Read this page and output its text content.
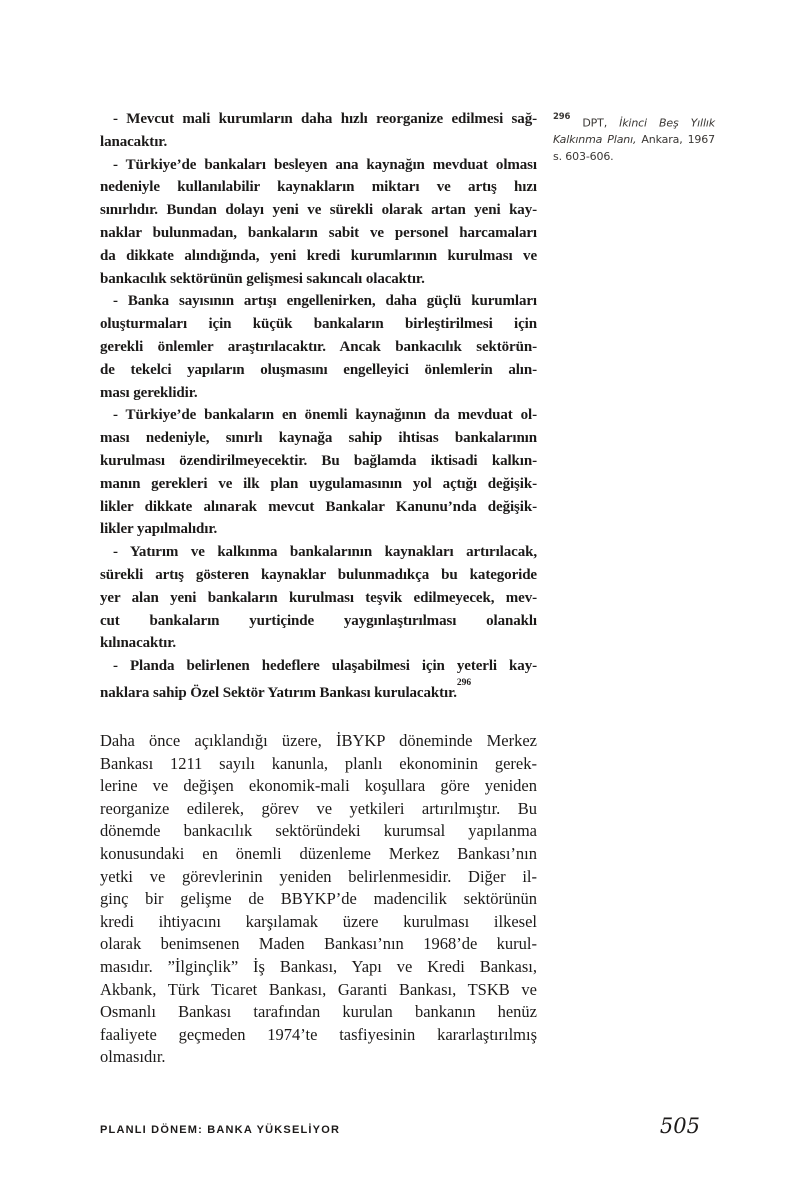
- Mevcut mali kurumların daha hızlı reorganize edilmesi sağ-
lanacaktır.
- Türkiye’de bankaları besleyen ana kaynağın mevduat olması
nedeniyle kullanılabilir kaynakların miktarı ve artış hızı
sınırlıdır. Bundan dolayı yeni ve sürekli olarak artan yeni kay-
naklar bulunmadan, bankaların sabit ve personel harcamaları
da dikkate alındığında, yeni kredi kurumlarının kurulması ve
bankacılık sektörünün gelişmesi sakıncalı olacaktır.
- Banka sayısının artışı engellenirken, daha güçlü kurumları
oluşturmaları için küçük bankaların birleştirilmesi için
gerekli önlemler araştırılacaktır. Ancak bankacılık sektörün-
de tekelci yapıların oluşmasını engelleyici önlemlerin alın-
ması gereklidir.
- Türkiye’de bankaların en önemli kaynağının da mevduat ol-
ması nedeniyle, sınırlı kaynağa sahip ihtisas bankalarının
kurulması özendirilmeyecektir. Bu bağlamda iktisadi kalkın-
manın gerekleri ve ilk plan uygulamasının yol açtığı değişik-
likler dikkate alınarak mevcut Bankalar Kanunu’nda değişik-
likler yapılmalıdır.
- Yatırım ve kalkınma bankalarının kaynakları artırılacak,
sürekli artış gösteren kaynaklar bulunmadıkça bu kategoride
yer alan yeni bankaların kurulması teşvik edilmeyecek, mev-
cut bankaların yurtiçinde yaygınlaştırılması olanaklı
kılınacaktır.
- Planda belirlenen hedeflere ulaşabilmesi için yeterli kay-
naklara sahip Özel Sektör Yatırım Bankası kurulacaktır.$^{296}$
$^{296}$ DPT, İkinci Beş Yıllık Kalkınma Planı, Ankara, 1967 s. 603-606.
Daha önce açıklandığı üzere, İBYKP döneminde Merkez
Bankası 1211 sayılı kanunla, planlı ekonominin gerek-
lerine ve değişen ekonomik-mali koşullara göre yeniden
reorganize edilerek, görev ve yetkileri artırılmıştır. Bu
dönemde bankacılık sektöründeki kurumsal yapılanma
konusundaki en önemli düzenleme Merkez Bankası’nın
yetki ve görevlerinin yeniden belirlenmesidir. Diğer il-
ginç bir gelişme de BBYKP’de madencilik sektörünün
kredi ihtiyacını karşılamak üzere kurulması ilkesel
olarak benimsenen Maden Bankası’nın 1968’de kurul-
masıdır. ”İlginçlik” İş Bankası, Yapı ve Kredi Bankası,
Akbank, Türk Ticaret Bankası, Garanti Bankası, TSKB ve
Osmanlı Bankası tarafından kurulan bankanın henüz
faaliyete geçmeden 1974’te tasfiyesinin kararlaştırılmış
olmasıdır.
PLANLI DÖNEM: BANKA YÜKSELİYOR	505
